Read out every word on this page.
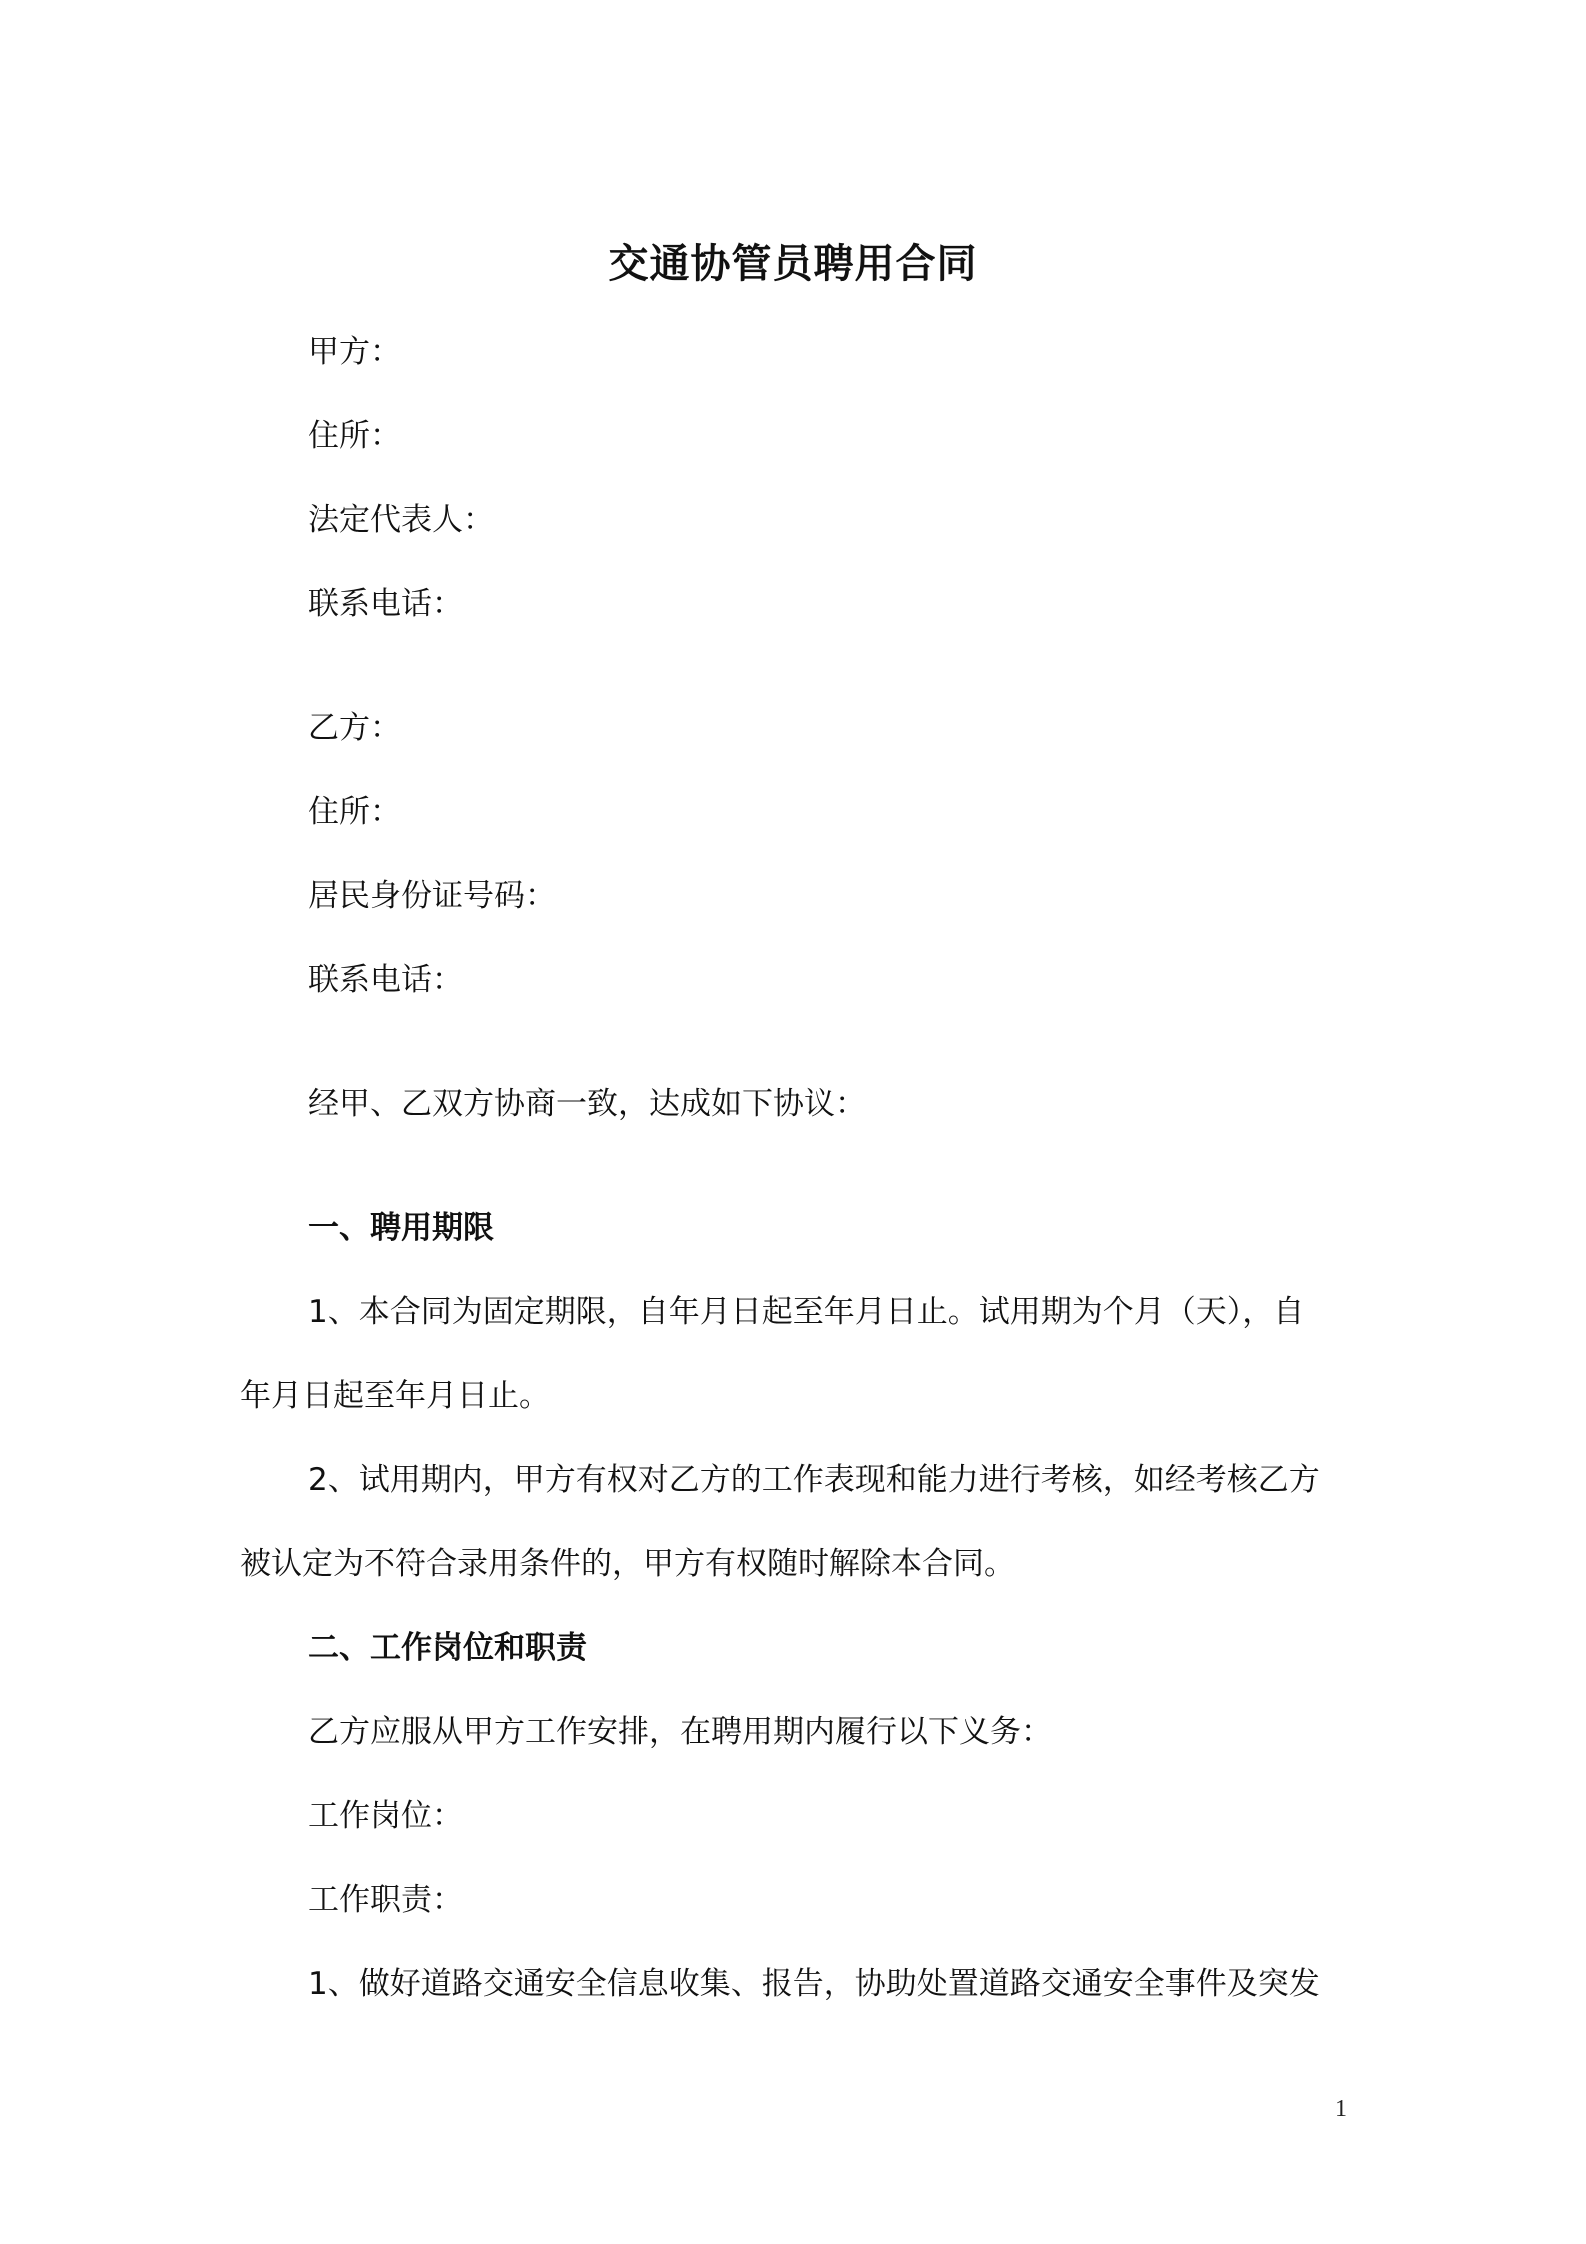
交通协管员聘用合同
甲方：
住所：
法定代表人：
联系电话：
乙方：
住所：
居民身份证号码：
联系电话：
经甲、乙双方协商一致，达成如下协议：
一、聘用期限
1、本合同为固定期限，自年月日起至年月日止。试用期为个月（天），自
年月日起至年月日止。
2、试用期内，甲方有权对乙方的工作表现和能力进行考核，如经考核乙方
被认定为不符合录用条件的，甲方有权随时解除本合同。
二、工作岗位和职责
乙方应服从甲方工作安排，在聘用期内履行以下义务：
工作岗位：
工作职责：
1、做好道路交通安全信息收集、报告，协助处置道路交通安全事件及突发
1
